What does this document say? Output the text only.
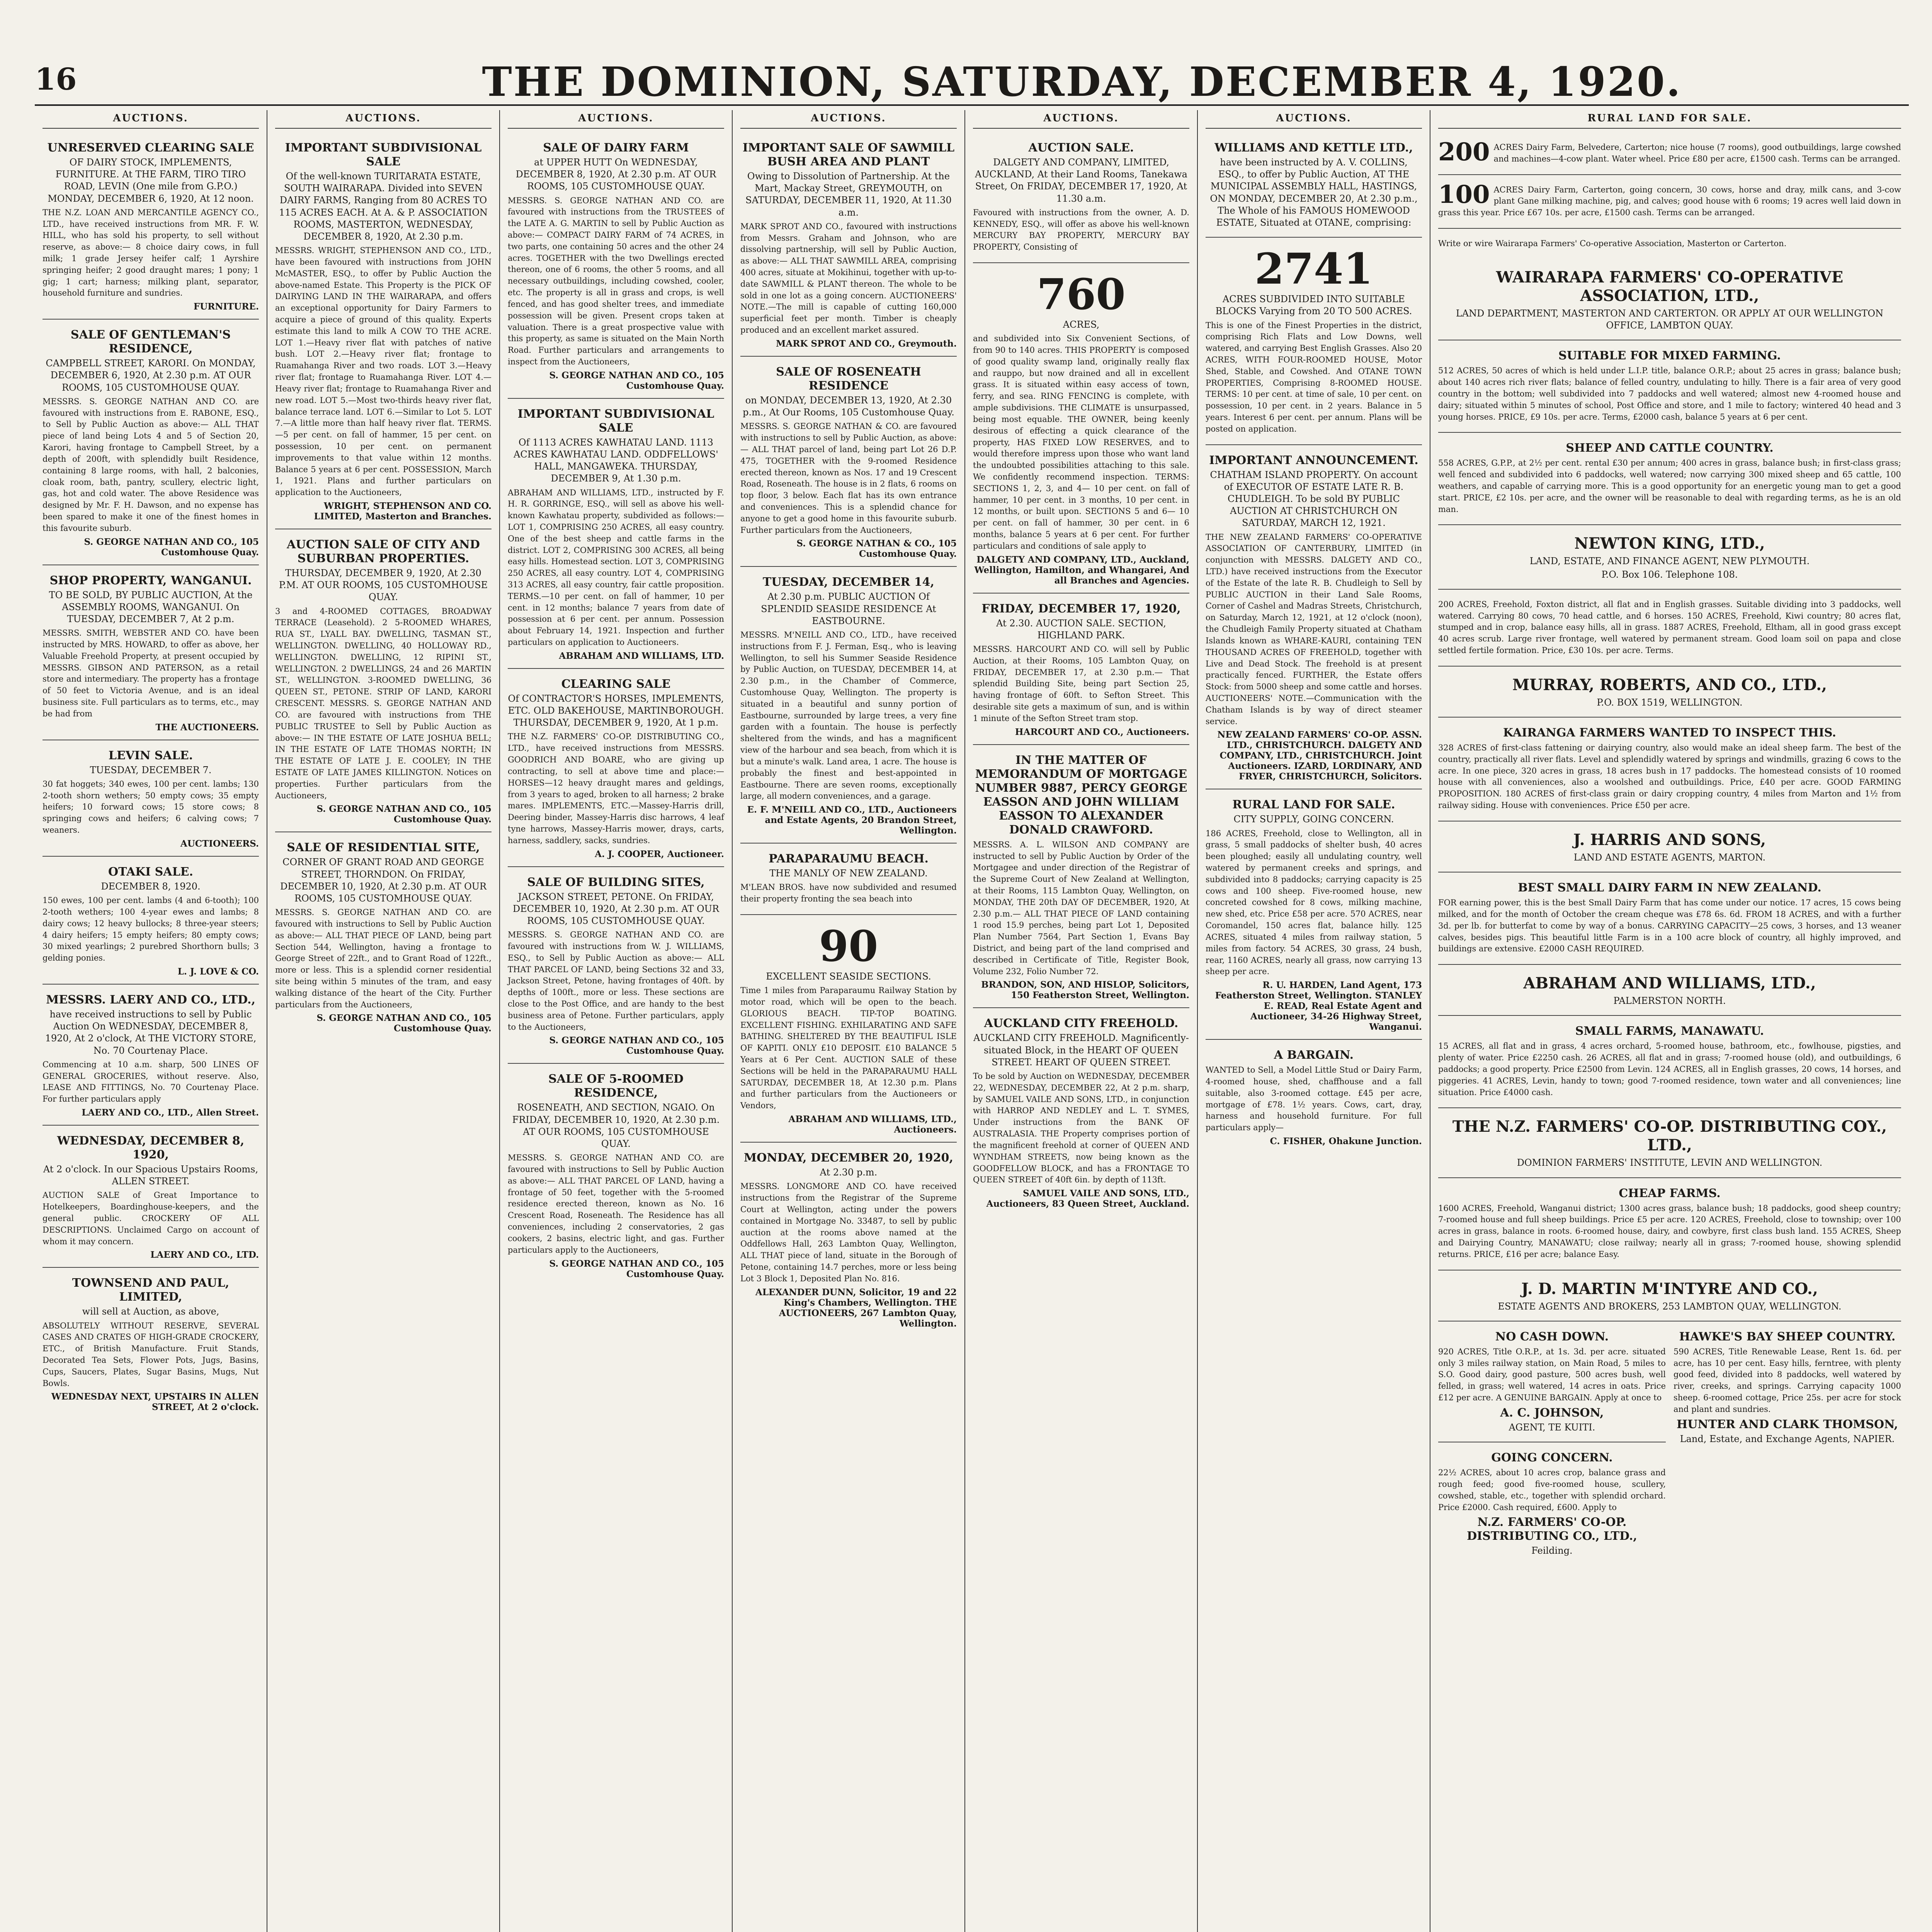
16	THE DOMINION, SATURDAY, DECEMBER 4, 1920.
AUCTIONS.
UNRESERVED CLEARING SALE
OF DAIRY STOCK, IMPLEMENTS, FURNITURE. At THE FARM, TIRO TIRO ROAD, LEVIN (One mile from G.P.O.) MONDAY, DECEMBER 6, 1920, At 12 noon.
THE N.Z. LOAN AND MERCANTILE AGENCY CO., LTD., have received instructions from MR. F. W. HILL, who has sold his property, to sell without reserve, as above:— 8 choice dairy cows, in full milk; 1 grade Jersey heifer calf; 1 Ayrshire springing heifer; 2 good draught mares; 1 pony; 1 gig; 1 cart; harness; milking plant, separator, household furniture and sundries.
FURNITURE.
SALE OF GENTLEMAN'S RESIDENCE,
CAMPBELL STREET, KARORI. On MONDAY, DECEMBER 6, 1920, At 2.30 p.m. AT OUR ROOMS, 105 CUSTOMHOUSE QUAY.
MESSRS. S. GEORGE NATHAN AND CO. are favoured with instructions from E. RABONE, ESQ., to Sell by Public Auction as above:— ALL THAT piece of land being Lots 4 and 5 of Section 20, Karori, having frontage to Campbell Street, by a depth of 200ft, with splendidly built Residence, containing 8 large rooms, with hall, 2 balconies, cloak room, bath, pantry, scullery, electric light, gas, hot and cold water. The above Residence was designed by Mr. F. H. Dawson, and no expense has been spared to make it one of the finest homes in this favourite suburb.
S. GEORGE NATHAN AND CO., 105 Customhouse Quay.
SHOP PROPERTY, WANGANUI.
TO BE SOLD, BY PUBLIC AUCTION, At the ASSEMBLY ROOMS, WANGANUI. On TUESDAY, DECEMBER 7, At 2 p.m.
MESSRS. SMITH, WEBSTER AND CO. have been instructed by MRS. HOWARD, to offer as above, her Valuable Freehold Property, at present occupied by MESSRS. GIBSON AND PATERSON, as a retail store and intermediary. The property has a frontage of 50 feet to Victoria Avenue, and is an ideal business site. Full particulars as to terms, etc., may be had from
THE AUCTIONEERS.
LEVIN SALE.
TUESDAY, DECEMBER 7.
30 fat hoggets; 340 ewes, 100 per cent. lambs; 130 2-tooth shorn wethers; 50 empty cows; 35 empty heifers; 10 forward cows; 15 store cows; 8 springing cows and heifers; 6 calving cows; 7 weaners.
AUCTIONEERS.
OTAKI SALE.
DECEMBER 8, 1920.
150 ewes, 100 per cent. lambs (4 and 6-tooth); 100 2-tooth wethers; 100 4-year ewes and lambs; 8 dairy cows; 12 heavy bullocks; 8 three-year steers; 4 dairy heifers; 15 empty heifers; 80 empty cows; 30 mixed yearlings; 2 purebred Shorthorn bulls; 3 gelding ponies.
L. J. LOVE & CO.
MESSRS. LAERY AND CO., LTD.,
have received instructions to sell by Public Auction On WEDNESDAY, DECEMBER 8, 1920, At 2 o'clock, At THE VICTORY STORE, No. 70 Courtenay Place.
Commencing at 10 a.m. sharp, 500 LINES OF GENERAL GROCERIES, without reserve. Also, LEASE AND FITTINGS, No. 70 Courtenay Place. For further particulars apply
LAERY AND CO., LTD., Allen Street.
WEDNESDAY, DECEMBER 8, 1920,
At 2 o'clock. In our Spacious Upstairs Rooms, ALLEN STREET.
AUCTION SALE of Great Importance to Hotelkeepers, Boardinghouse-keepers, and the general public. CROCKERY OF ALL DESCRIPTIONS. Unclaimed Cargo on account of whom it may concern.
LAERY AND CO., LTD.
TOWNSEND AND PAUL, LIMITED,
will sell at Auction, as above,
ABSOLUTELY WITHOUT RESERVE, SEVERAL CASES AND CRATES OF HIGH-GRADE CROCKERY, ETC., of British Manufacture. Fruit Stands, Decorated Tea Sets, Flower Pots, Jugs, Basins, Cups, Saucers, Plates, Sugar Basins, Mugs, Nut Bowls.
WEDNESDAY NEXT, UPSTAIRS IN ALLEN STREET, At 2 o'clock.
AUCTIONS.
IMPORTANT SUBDIVISIONAL SALE
Of the well-known TURITARATA ESTATE, SOUTH WAIRARAPA. Divided into SEVEN DAIRY FARMS, Ranging from 80 ACRES TO 115 ACRES EACH. At A. & P. ASSOCIATION ROOMS, MASTERTON, WEDNESDAY, DECEMBER 8, 1920, At 2.30 p.m.
MESSRS. WRIGHT, STEPHENSON AND CO., LTD., have been favoured with instructions from JOHN McMASTER, ESQ., to offer by Public Auction the above-named Estate. This Property is the PICK OF DAIRYING LAND IN THE WAIRARAPA, and offers an exceptional opportunity for Dairy Farmers to acquire a piece of ground of this quality. Experts estimate this land to milk A COW TO THE ACRE. LOT 1.—Heavy river flat with patches of native bush. LOT 2.—Heavy river flat; frontage to Ruamahanga River and two roads. LOT 3.—Heavy river flat; frontage to Ruamahanga River. LOT 4.—Heavy river flat; frontage to Ruamahanga River and new road. LOT 5.—Most two-thirds heavy river flat, balance terrace land. LOT 6.—Similar to Lot 5. LOT 7.—A little more than half heavy river flat. TERMS.—5 per cent. on fall of hammer, 15 per cent. on possession, 10 per cent. on permanent improvements to that value within 12 months. Balance 5 years at 6 per cent. POSSESSION, March 1, 1921. Plans and further particulars on application to the Auctioneers,
WRIGHT, STEPHENSON AND CO. LIMITED, Masterton and Branches.
AUCTION SALE OF CITY AND SUBURBAN PROPERTIES.
THURSDAY, DECEMBER 9, 1920, At 2.30 P.M. AT OUR ROOMS, 105 CUSTOMHOUSE QUAY.
3 and 4-ROOMED COTTAGES, BROADWAY TERRACE (Leasehold). 2 5-ROOMED WHARES, RUA ST., LYALL BAY. DWELLING, TASMAN ST., WELLINGTON. DWELLING, 40 HOLLOWAY RD., WELLINGTON. DWELLING, 12 RIPINI ST., WELLINGTON. 2 DWELLINGS, 24 and 26 MARTIN ST., WELLINGTON. 3-ROOMED DWELLING, 36 QUEEN ST., PETONE. STRIP OF LAND, KARORI CRESCENT. MESSRS. S. GEORGE NATHAN AND CO. are favoured with instructions from THE PUBLIC TRUSTEE to Sell by Public Auction as above:— IN THE ESTATE OF LATE JOSHUA BELL; IN THE ESTATE OF LATE THOMAS NORTH; IN THE ESTATE OF LATE J. E. COOLEY; IN THE ESTATE OF LATE JAMES KILLINGTON. Notices on properties. Further particulars from the Auctioneers,
S. GEORGE NATHAN AND CO., 105 Customhouse Quay.
SALE OF RESIDENTIAL SITE,
CORNER OF GRANT ROAD AND GEORGE STREET, THORNDON. On FRIDAY, DECEMBER 10, 1920, At 2.30 p.m. AT OUR ROOMS, 105 CUSTOMHOUSE QUAY.
MESSRS. S. GEORGE NATHAN AND CO. are favoured with instructions to Sell by Public Auction as above:— ALL THAT PIECE OF LAND, being part Section 544, Wellington, having a frontage to George Street of 22ft., and to Grant Road of 122ft., more or less. This is a splendid corner residential site being within 5 minutes of the tram, and easy walking distance of the heart of the City. Further particulars from the Auctioneers,
S. GEORGE NATHAN AND CO., 105 Customhouse Quay.
AUCTIONS.
SALE OF DAIRY FARM
at UPPER HUTT On WEDNESDAY, DECEMBER 8, 1920, At 2.30 p.m. AT OUR ROOMS, 105 CUSTOMHOUSE QUAY.
MESSRS. S. GEORGE NATHAN AND CO. are favoured with instructions from the TRUSTEES of the LATE A. G. MARTIN to sell by Public Auction as above:— COMPACT DAIRY FARM of 74 ACRES, in two parts, one containing 50 acres and the other 24 acres. TOGETHER with the two Dwellings erected thereon, one of 6 rooms, the other 5 rooms, and all necessary outbuildings, including cowshed, cooler, etc. The property is all in grass and crops, is well fenced, and has good shelter trees, and immediate possession will be given. Present crops taken at valuation. There is a great prospective value with this property, as same is situated on the Main North Road. Further particulars and arrangements to inspect from the Auctioneers,
S. GEORGE NATHAN AND CO., 105 Customhouse Quay.
IMPORTANT SUBDIVISIONAL SALE
Of 1113 ACRES KAWHATAU LAND. 1113 ACRES KAWHATAU LAND. ODDFELLOWS' HALL, MANGAWEKA. THURSDAY, DECEMBER 9, At 1.30 p.m.
ABRAHAM AND WILLIAMS, LTD., instructed by F. H. R. GORRINGE, ESQ., will sell as above his well-known Kawhatau property, subdivided as follows:— LOT 1, COMPRISING 250 ACRES, all easy country. One of the best sheep and cattle farms in the district. LOT 2, COMPRISING 300 ACRES, all being easy hills. Homestead section. LOT 3, COMPRISING 250 ACRES, all easy country. LOT 4, COMPRISING 313 ACRES, all easy country, fair cattle proposition. TERMS.—10 per cent. on fall of hammer, 10 per cent. in 12 months; balance 7 years from date of possession at 6 per cent. per annum. Possession about February 14, 1921. Inspection and further particulars on application to Auctioneers.
ABRAHAM AND WILLIAMS, LTD.
CLEARING SALE
Of CONTRACTOR'S HORSES, IMPLEMENTS, ETC. OLD BAKEHOUSE, MARTINBOROUGH. THURSDAY, DECEMBER 9, 1920, At 1 p.m.
THE N.Z. FARMERS' CO-OP. DISTRIBUTING CO., LTD., have received instructions from MESSRS. GOODRICH AND BOARE, who are giving up contracting, to sell at above time and place:— HORSES—12 heavy draught mares and geldings, from 3 years to aged, broken to all harness; 2 brake mares. IMPLEMENTS, ETC.—Massey-Harris drill, Deering binder, Massey-Harris disc harrows, 4 leaf tyne harrows, Massey-Harris mower, drays, carts, harness, saddlery, sacks, sundries.
A. J. COOPER, Auctioneer.
SALE OF BUILDING SITES,
JACKSON STREET, PETONE. On FRIDAY, DECEMBER 10, 1920, At 2.30 p.m. AT OUR ROOMS, 105 CUSTOMHOUSE QUAY.
MESSRS. S. GEORGE NATHAN AND CO. are favoured with instructions from W. J. WILLIAMS, ESQ., to Sell by Public Auction as above:— ALL THAT PARCEL OF LAND, being Sections 32 and 33, Jackson Street, Petone, having frontages of 40ft. by depths of 100ft., more or less. These sections are close to the Post Office, and are handy to the best business area of Petone. Further particulars, apply to the Auctioneers,
S. GEORGE NATHAN AND CO., 105 Customhouse Quay.
SALE OF 5-ROOMED RESIDENCE,
ROSENEATH, AND SECTION, NGAIO. On FRIDAY, DECEMBER 10, 1920, At 2.30 p.m. AT OUR ROOMS, 105 CUSTOMHOUSE QUAY.
MESSRS. S. GEORGE NATHAN AND CO. are favoured with instructions to Sell by Public Auction as above:— ALL THAT PARCEL OF LAND, having a frontage of 50 feet, together with the 5-roomed residence erected thereon, known as No. 16 Crescent Road, Roseneath. The Residence has all conveniences, including 2 conservatories, 2 gas cookers, 2 basins, electric light, and gas. Further particulars apply to the Auctioneers,
S. GEORGE NATHAN AND CO., 105 Customhouse Quay.
AUCTIONS.
IMPORTANT SALE OF SAWMILL BUSH AREA AND PLANT
Owing to Dissolution of Partnership. At the Mart, Mackay Street, GREYMOUTH, on SATURDAY, DECEMBER 11, 1920, At 11.30 a.m.
MARK SPROT AND CO., favoured with instructions from Messrs. Graham and Johnson, who are dissolving partnership, will sell by Public Auction, as above:— ALL THAT SAWMILL AREA, comprising 400 acres, situate at Mokihinui, together with up-to-date SAWMILL & PLANT thereon. The whole to be sold in one lot as a going concern. AUCTIONEERS' NOTE.—The mill is capable of cutting 160,000 superficial feet per month. Timber is cheaply produced and an excellent market assured.
MARK SPROT AND CO., Greymouth.
SALE OF ROSENEATH RESIDENCE
on MONDAY, DECEMBER 13, 1920, At 2.30 p.m., At Our Rooms, 105 Customhouse Quay.
MESSRS. S. GEORGE NATHAN & CO. are favoured with instructions to sell by Public Auction, as above:— ALL THAT parcel of land, being part Lot 26 D.P. 475, TOGETHER with the 9-roomed Residence erected thereon, known as Nos. 17 and 19 Crescent Road, Roseneath. The house is in 2 flats, 6 rooms on top floor, 3 below. Each flat has its own entrance and conveniences. This is a splendid chance for anyone to get a good home in this favourite suburb. Further particulars from the Auctioneers,
S. GEORGE NATHAN & CO., 105 Customhouse Quay.
TUESDAY, DECEMBER 14,
At 2.30 p.m. PUBLIC AUCTION Of SPLENDID SEASIDE RESIDENCE At EASTBOURNE.
MESSRS. M'NEILL AND CO., LTD., have received instructions from F. J. Ferman, Esq., who is leaving Wellington, to sell his Summer Seaside Residence by Public Auction, on TUESDAY, DECEMBER 14, at 2.30 p.m., in the Chamber of Commerce, Customhouse Quay, Wellington. The property is situated in a beautiful and sunny portion of Eastbourne, surrounded by large trees, a very fine garden with a fountain. The house is perfectly sheltered from the winds, and has a magnificent view of the harbour and sea beach, from which it is but a minute's walk. Land area, 1 acre. The house is probably the finest and best-appointed in Eastbourne. There are seven rooms, exceptionally large, all modern conveniences, and a garage.
E. F. M'NEILL AND CO., LTD., Auctioneers and Estate Agents, 20 Brandon Street, Wellington.
PARAPARAUMU BEACH.
THE MANLY OF NEW ZEALAND.
M'LEAN BROS. have now subdivided and resumed their property fronting the sea beach into
90
EXCELLENT SEASIDE SECTIONS.
Time 1 miles from Paraparaumu Railway Station by motor road, which will be open to the beach. GLORIOUS BEACH. TIP-TOP BOATING. EXCELLENT FISHING. EXHILARATING AND SAFE BATHING. SHELTERED BY THE BEAUTIFUL ISLE OF KAPITI. ONLY £10 DEPOSIT. £10 BALANCE 5 Years at 6 Per Cent. AUCTION SALE of these Sections will be held in the PARAPARAUMU HALL SATURDAY, DECEMBER 18, At 12.30 p.m. Plans and further particulars from the Auctioneers or Vendors,
ABRAHAM AND WILLIAMS, LTD., Auctioneers.
MONDAY, DECEMBER 20, 1920,
At 2.30 p.m.
MESSRS. LONGMORE AND CO. have received instructions from the Registrar of the Supreme Court at Wellington, acting under the powers contained in Mortgage No. 33487, to sell by public auction at the rooms above named at the Oddfellows Hall, 263 Lambton Quay, Wellington, ALL THAT piece of land, situate in the Borough of Petone, containing 14.7 perches, more or less being Lot 3 Block 1, Deposited Plan No. 816.
ALEXANDER DUNN, Solicitor, 19 and 22 King's Chambers, Wellington. THE AUCTIONEERS, 267 Lambton Quay, Wellington.
AUCTIONS.
AUCTION SALE.
DALGETY AND COMPANY, LIMITED, AUCKLAND, At their Land Rooms, Tanekawa Street, On FRIDAY, DECEMBER 17, 1920, At 11.30 a.m.
Favoured with instructions from the owner, A. D. KENNEDY, ESQ., will offer as above his well-known MERCURY BAY PROPERTY, MERCURY BAY PROPERTY, Consisting of
760
ACRES,
and subdivided into Six Convenient Sections, of from 90 to 140 acres. THIS PROPERTY is composed of good quality swamp land, originally really flax and rauppo, but now drained and all in excellent grass. It is situated within easy access of town, ferry, and sea. RING FENCING is complete, with ample subdivisions. THE CLIMATE is unsurpassed, being most equable. THE OWNER, being keenly desirous of effecting a quick clearance of the property, HAS FIXED LOW RESERVES, and to would therefore impress upon those who want land the undoubted possibilities attaching to this sale. We confidently recommend inspection. TERMS: SECTIONS 1, 2, 3, and 4— 10 per cent. on fall of hammer, 10 per cent. in 3 months, 10 per cent. in 12 months, or built upon. SECTIONS 5 and 6— 10 per cent. on fall of hammer, 30 per cent. in 6 months, balance 5 years at 6 per cent. For further particulars and conditions of sale apply to
DALGETY AND COMPANY, LTD., Auckland, Wellington, Hamilton, and Whangarei, And all Branches and Agencies.
FRIDAY, DECEMBER 17, 1920,
At 2.30. AUCTION SALE. SECTION, HIGHLAND PARK.
MESSRS. HARCOURT AND CO. will sell by Public Auction, at their Rooms, 105 Lambton Quay, on FRIDAY, DECEMBER 17, at 2.30 p.m.— That splendid Building Site, being part Section 25, having frontage of 60ft. to Sefton Street. This desirable site gets a maximum of sun, and is within 1 minute of the Sefton Street tram stop.
HARCOURT AND CO., Auctioneers.
IN THE MATTER OF MEMORANDUM OF MORTGAGE NUMBER 9887, PERCY GEORGE EASSON AND JOHN WILLIAM EASSON TO ALEXANDER DONALD CRAWFORD.
MESSRS. A. L. WILSON AND COMPANY are instructed to sell by Public Auction by Order of the Mortgagee and under direction of the Registrar of the Supreme Court of New Zealand at Wellington, at their Rooms, 115 Lambton Quay, Wellington, on MONDAY, THE 20th DAY OF DECEMBER, 1920, At 2.30 p.m.— ALL THAT PIECE OF LAND containing 1 rood 15.9 perches, being part Lot 1, Deposited Plan Number 7564, Part Section 1, Evans Bay District, and being part of the land comprised and described in Certificate of Title, Register Book, Volume 232, Folio Number 72.
BRANDON, SON, AND HISLOP, Solicitors, 150 Featherston Street, Wellington.
AUCKLAND CITY FREEHOLD.
AUCKLAND CITY FREEHOLD. Magnificently-situated Block, in the HEART OF QUEEN STREET. HEART OF QUEEN STREET.
To be sold by Auction on WEDNESDAY, DECEMBER 22, WEDNESDAY, DECEMBER 22, At 2 p.m. sharp, by SAMUEL VAILE AND SONS, LTD., in conjunction with HARROP AND NEDLEY and L. T. SYMES, Under instructions from the BANK OF AUSTRALASIA. THE Property comprises portion of the magnificent freehold at corner of QUEEN AND WYNDHAM STREETS, now being known as the GOODFELLOW BLOCK, and has a FRONTAGE TO QUEEN STREET of 40ft 6in. by depth of 113ft.
SAMUEL VAILE AND SONS, LTD., Auctioneers, 83 Queen Street, Auckland.
AUCTIONS.
WILLIAMS AND KETTLE LTD.,
have been instructed by A. V. COLLINS, ESQ., to offer by Public Auction, AT THE MUNICIPAL ASSEMBLY HALL, HASTINGS, ON MONDAY, DECEMBER 20, At 2.30 p.m., The Whole of his FAMOUS HOMEWOOD ESTATE, Situated at OTANE, comprising:
2741
ACRES SUBDIVIDED INTO SUITABLE BLOCKS Varying from 20 TO 500 ACRES.
This is one of the Finest Properties in the district, comprising Rich Flats and Low Downs, well watered, and carrying Best English Grasses. Also 20 ACRES, WITH FOUR-ROOMED HOUSE, Motor Shed, Stable, and Cowshed. And OTANE TOWN PROPERTIES, Comprising 8-ROOMED HOUSE. TERMS: 10 per cent. at time of sale, 10 per cent. on possession, 10 per cent. in 2 years. Balance in 5 years. Interest 6 per cent. per annum. Plans will be posted on application.
IMPORTANT ANNOUNCEMENT.
CHATHAM ISLAND PROPERTY. On account of EXECUTOR OF ESTATE LATE R. B. CHUDLEIGH. To be sold BY PUBLIC AUCTION AT CHRISTCHURCH ON SATURDAY, MARCH 12, 1921.
THE NEW ZEALAND FARMERS' CO-OPERATIVE ASSOCIATION OF CANTERBURY, LIMITED (in conjunction with MESSRS. DALGETY AND CO., LTD.) have received instructions from the Executor of the Estate of the late R. B. Chudleigh to Sell by PUBLIC AUCTION in their Land Sale Rooms, Corner of Cashel and Madras Streets, Christchurch, on Saturday, March 12, 1921, at 12 o'clock (noon), the Chudleigh Family Property situated at Chatham Islands known as WHARE-KAURI, containing TEN THOUSAND ACRES OF FREEHOLD, together with Live and Dead Stock. The freehold is at present practically fenced. FURTHER, the Estate offers Stock: from 5000 sheep and some cattle and horses. AUCTIONEERS' NOTE.—Communication with the Chatham Islands is by way of direct steamer service.
NEW ZEALAND FARMERS' CO-OP. ASSN. LTD., CHRISTCHURCH. DALGETY AND COMPANY, LTD., CHRISTCHURCH. Joint Auctioneers. IZARD, LORDINARY, AND FRYER, CHRISTCHURCH, Solicitors.
RURAL LAND FOR SALE.
CITY SUPPLY, GOING CONCERN.
186 ACRES, Freehold, close to Wellington, all in grass, 5 small paddocks of shelter bush, 40 acres been ploughed; easily all undulating country, well watered by permanent creeks and springs, and subdivided into 8 paddocks; carrying capacity is 25 cows and 100 sheep. Five-roomed house, new concreted cowshed for 8 cows, milking machine, new shed, etc. Price £58 per acre. 570 ACRES, near Coromandel, 150 acres flat, balance hilly. 125 ACRES, situated 4 miles from railway station, 5 miles from factory. 54 ACRES, 30 grass, 24 bush, rear, 1160 ACRES, nearly all grass, now carrying 13 sheep per acre.
R. U. HARDEN, Land Agent, 173 Featherston Street, Wellington. STANLEY E. READ, Real Estate Agent and Auctioneer, 34-26 Highway Street, Wanganui.
A BARGAIN.
WANTED to Sell, a Model Little Stud or Dairy Farm, 4-roomed house, shed, chaffhouse and a fall suitable, also 3-roomed cottage. £45 per acre, mortgage of £78. 1½ years. Cows, cart, dray, harness and household furniture. For full particulars apply—
C. FISHER, Ohakune Junction.
RURAL LAND FOR SALE.
200 ACRES Dairy Farm, Belvedere, Carterton; nice house (7 rooms), good outbuildings, large cowshed and machines—4-cow plant. Water wheel. Price £80 per acre, £1500 cash. Terms can be arranged.
100 ACRES Dairy Farm, Carterton, going concern, 30 cows, horse and dray, milk cans, and 3-cow plant Gane milking machine, pig, and calves; good house with 6 rooms; 19 acres well laid down in grass this year. Price £67 10s. per acre, £1500 cash. Terms can be arranged.
Write or wire Wairarapa Farmers' Co-operative Association, Masterton or Carterton.
WAIRARAPA FARMERS' CO-OPERATIVE ASSOCIATION, LTD.,
LAND DEPARTMENT, MASTERTON AND CARTERTON. OR APPLY AT OUR WELLINGTON OFFICE, LAMBTON QUAY.
SUITABLE FOR MIXED FARMING.
512 ACRES, 50 acres of which is held under L.I.P. title, balance O.R.P.; about 25 acres in grass; balance bush; about 140 acres rich river flats; balance of felled country, undulating to hilly. There is a fair area of very good country in the bottom; well subdivided into 7 paddocks and well watered; almost new 4-roomed house and dairy; situated within 5 minutes of school, Post Office and store, and 1 mile to factory; wintered 40 head and 3 young horses. PRICE, £9 10s. per acre. Terms, £2000 cash, balance 5 years at 6 per cent.
SHEEP AND CATTLE COUNTRY.
558 ACRES, G.P.P., at 2½ per cent. rental £30 per annum; 400 acres in grass, balance bush; in first-class grass; well fenced and subdivided into 6 paddocks, well watered; now carrying 300 mixed sheep and 65 cattle, 100 weathers, and capable of carrying more. This is a good opportunity for an energetic young man to get a good start. PRICE, £2 10s. per acre, and the owner will be reasonable to deal with regarding terms, as he is an old man.
NEWTON KING, LTD.,
LAND, ESTATE, AND FINANCE AGENT, NEW PLYMOUTH.
P.O. Box 106. Telephone 108.
200 ACRES, Freehold, Foxton district, all flat and in English grasses. Suitable dividing into 3 paddocks, well watered. Carrying 80 cows, 70 head cattle, and 6 horses. 150 ACRES, Freehold, Kiwi country; 80 acres flat, stumped and in crop, balance easy hills, all in grass. 1887 ACRES, Freehold, Eltham, all in good grass except 40 acres scrub. Large river frontage, well watered by permanent stream. Good loam soil on papa and close settled fertile formation. Price, £30 10s. per acre. Terms.
MURRAY, ROBERTS, AND CO., LTD.,
P.O. BOX 1519, WELLINGTON.
KAIRANGA FARMERS WANTED TO INSPECT THIS.
328 ACRES of first-class fattening or dairying country, also would make an ideal sheep farm. The best of the country, practically all river flats. Level and splendidly watered by springs and windmills, grazing 6 cows to the acre. In one piece, 320 acres in grass, 18 acres bush in 17 paddocks. The homestead consists of 10 roomed house with all conveniences, also a woolshed and outbuildings. Price, £40 per acre. GOOD FARMING PROPOSITION. 180 ACRES of first-class grain or dairy cropping country, 4 miles from Marton and 1½ from railway siding. House with conveniences. Price £50 per acre.
J. HARRIS AND SONS,
LAND AND ESTATE AGENTS, MARTON.
BEST SMALL DAIRY FARM IN NEW ZEALAND.
FOR earning power, this is the best Small Dairy Farm that has come under our notice. 17 acres, 15 cows being milked, and for the month of October the cream cheque was £78 6s. 6d. FROM 18 ACRES, and with a further 3d. per lb. for butterfat to come by way of a bonus. CARRYING CAPACITY—25 cows, 3 horses, and 13 weaner calves, besides pigs. This beautiful little Farm is in a 100 acre block of country, all highly improved, and buildings are extensive. £2000 CASH REQUIRED.
ABRAHAM AND WILLIAMS, LTD.,
PALMERSTON NORTH.
SMALL FARMS, MANAWATU.
15 ACRES, all flat and in grass, 4 acres orchard, 5-roomed house, bathroom, etc., fowlhouse, pigsties, and plenty of water. Price £2250 cash. 26 ACRES, all flat and in grass; 7-roomed house (old), and outbuildings, 6 paddocks; a good property. Price £2500 from Levin. 124 ACRES, all in English grasses, 20 cows, 14 horses, and piggeries. 41 ACRES, Levin, handy to town; good 7-roomed residence, town water and all conveniences; line situation. Price £4000 cash.
THE N.Z. FARMERS' CO-OP. DISTRIBUTING COY., LTD.,
DOMINION FARMERS' INSTITUTE, LEVIN AND WELLINGTON.
CHEAP FARMS.
1600 ACRES, Freehold, Wanganui district; 1300 acres grass, balance bush; 18 paddocks, good sheep country; 7-roomed house and full sheep buildings. Price £5 per acre. 120 ACRES, Freehold, close to township; over 100 acres in grass, balance in roots. 6-roomed house, dairy, and cowbyre, first class bush land. 155 ACRES, Sheep and Dairying Country, MANAWATU; close railway; nearly all in grass; 7-roomed house, showing splendid returns. PRICE, £16 per acre; balance Easy.
J. D. MARTIN M'INTYRE AND CO.,
ESTATE AGENTS AND BROKERS, 253 LAMBTON QUAY, WELLINGTON.
NO CASH DOWN.
920 ACRES, Title O.R.P., at 1s. 3d. per acre. situated only 3 miles railway station, on Main Road, 5 miles to S.O. Good dairy, good pasture, 500 acres bush, well felled, in grass; well watered, 14 acres in oats. Price £12 per acre. A GENUINE BARGAIN. Apply at once to
A. C. JOHNSON,
AGENT, TE KUITI.
GOING CONCERN.
22½ ACRES, about 10 acres crop, balance grass and rough feed; good five-roomed house, scullery, cowshed, stable, etc., together with splendid orchard. Price £2000. Cash required, £600. Apply to
N.Z. FARMERS' CO-OP. DISTRIBUTING CO., LTD.,
Feilding.
HAWKE'S BAY SHEEP COUNTRY.
590 ACRES, Title Renewable Lease, Rent 1s. 6d. per acre, has 10 per cent. Easy hills, ferntree, with plenty good feed, divided into 8 paddocks, well watered by river, creeks, and springs. Carrying capacity 1000 sheep. 6-roomed cottage, Price 25s. per acre for stock and plant and sundries.
HUNTER AND CLARK THOMSON,
Land, Estate, and Exchange Agents, NAPIER.
